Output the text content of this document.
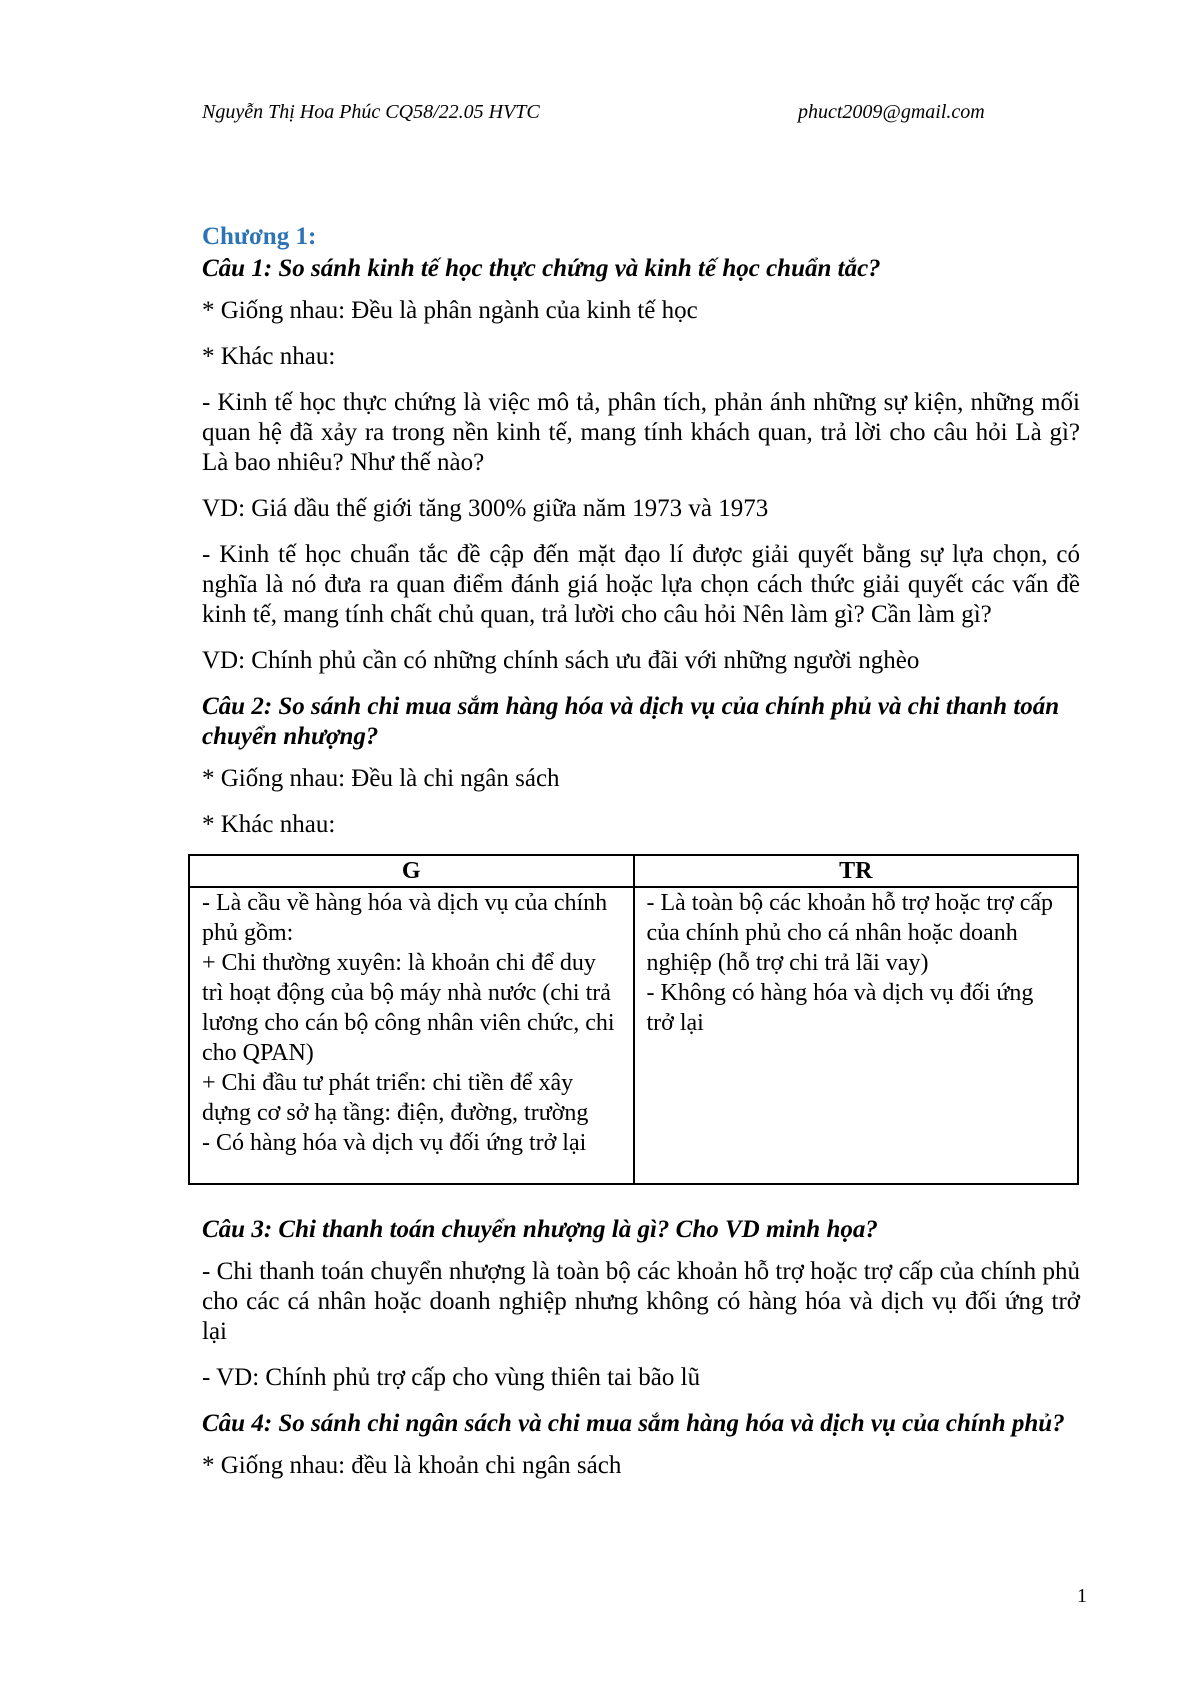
Nguyễn Thị Hoa Phúc CQ58/22.05 HVTC	phuct2009@gmail.com

Chương 1:

Câu 1: So sánh kinh tế học thực chứng và kinh tế học chuẩn tắc?

* Giống nhau: Đều là phân ngành của kinh tế học

* Khác nhau:

- Kinh tế học thực chứng là việc mô tả, phân tích, phản ánh những sự kiện, những mối quan hệ đã xảy ra trong nền kinh tế, mang tính khách quan, trả lời cho câu hỏi Là gì? Là bao nhiêu? Như thế nào?

VD: Giá dầu thế giới tăng 300% giữa năm 1973 và 1973

- Kinh tế học chuẩn tắc đề cập đến mặt đạo lí được giải quyết bằng sự lựa chọn, có nghĩa là nó đưa ra quan điểm đánh giá hoặc lựa chọn cách thức giải quyết các vấn đề kinh tế, mang tính chất chủ quan, trả lười cho câu hỏi Nên làm gì? Cần làm gì?

VD: Chính phủ cần có những chính sách ưu đãi với những người nghèo

Câu 2: So sánh chi mua sắm hàng hóa và dịch vụ của chính phủ và chi thanh toán chuyển nhượng?

* Giống nhau: Đều là chi ngân sách

* Khác nhau:

G	TR

- Là cầu về hàng hóa và dịch vụ của chính phủ gồm:
+ Chi thường xuyên: là khoản chi để duy trì hoạt động của bộ máy nhà nước (chi trả lương cho cán bộ công nhân viên chức, chi cho QPAN)
+ Chi đầu tư phát triển: chi tiền để xây dựng cơ sở hạ tầng: điện, đường, trường
- Có hàng hóa và dịch vụ đối ứng trở lại	- Là toàn bộ các khoản hỗ trợ hoặc trợ cấp của chính phủ cho cá nhân hoặc doanh nghiệp (hỗ trợ chi trả lãi vay)
- Không có hàng hóa và dịch vụ đối ứng trở lại

Câu 3: Chi thanh toán chuyển nhượng là gì? Cho VD minh họa?

- Chi thanh toán chuyển nhượng là toàn bộ các khoản hỗ trợ hoặc trợ cấp của chính phủ cho các cá nhân hoặc doanh nghiệp nhưng không có hàng hóa và dịch vụ đối ứng trở lại

- VD: Chính phủ trợ cấp cho vùng thiên tai bão lũ

Câu 4: So sánh chi ngân sách và chi mua sắm hàng hóa và dịch vụ của chính phủ?

* Giống nhau: đều là khoản chi ngân sách

1
